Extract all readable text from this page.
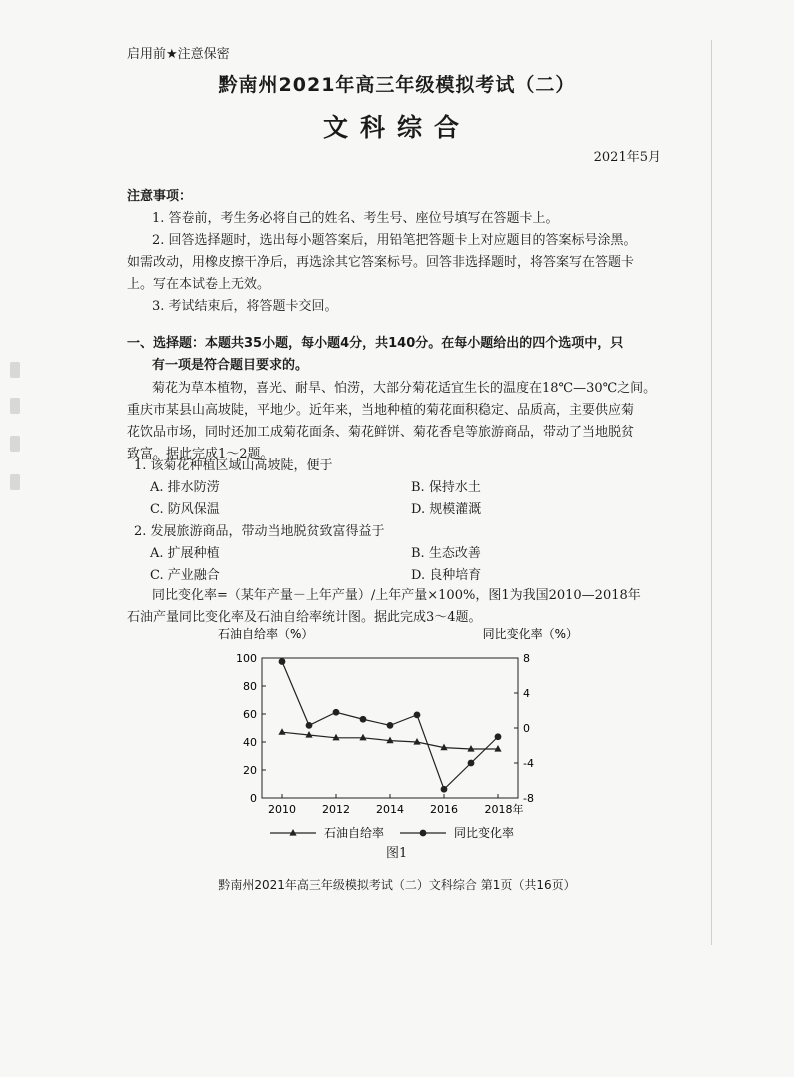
启用前★注意保密
黔南州2021年高三年级模拟考试（二）
文科综合
2021年5月
注意事项：
1. 答卷前，考生务必将自己的姓名、考生号、座位号填写在答题卡上。
2. 回答选择题时，选出每小题答案后，用铅笔把答题卡上对应题目的答案标号涂黑。
如需改动，用橡皮擦干净后，再选涂其它答案标号。回答非选择题时，将答案写在答题卡
上。写在本试卷上无效。
3. 考试结束后，将答题卡交回。
一、选择题：本题共35小题，每小题4分，共140分。在每小题给出的四个选项中，只
有一项是符合题目要求的。
菊花为草本植物，喜光、耐旱、怕涝，大部分菊花适宜生长的温度在18℃—30℃之间。
重庆市某县山高坡陡，平地少。近年来，当地种植的菊花面积稳定、品质高，主要供应菊
花饮品市场，同时还加工成菊花面条、菊花鲜饼、菊花香皂等旅游商品，带动了当地脱贫
致富。据此完成1～2题。
1. 该菊花种植区域山高坡陡，便于
A. 排水防涝	B. 保持水土
C. 防风保温	D. 规模灌溉
2. 发展旅游商品，带动当地脱贫致富得益于
A. 扩展种植	B. 生态改善
C. 产业融合	D. 良种培育
同比变化率=（某年产量－上年产量）/上年产量×100%，图1为我国2010—2018年
石油产量同比变化率及石油自给率统计图。据此完成3～4题。
石油自给率（%）	同比变化率（%）
100
80
60
40
20
0
8
4
0
-4
-8
2010 2012 2014 2016 2018年
石油自给率	同比变化率
图1
黔南州2021年高三年级模拟考试（二）文科综合 第1页（共16页）
